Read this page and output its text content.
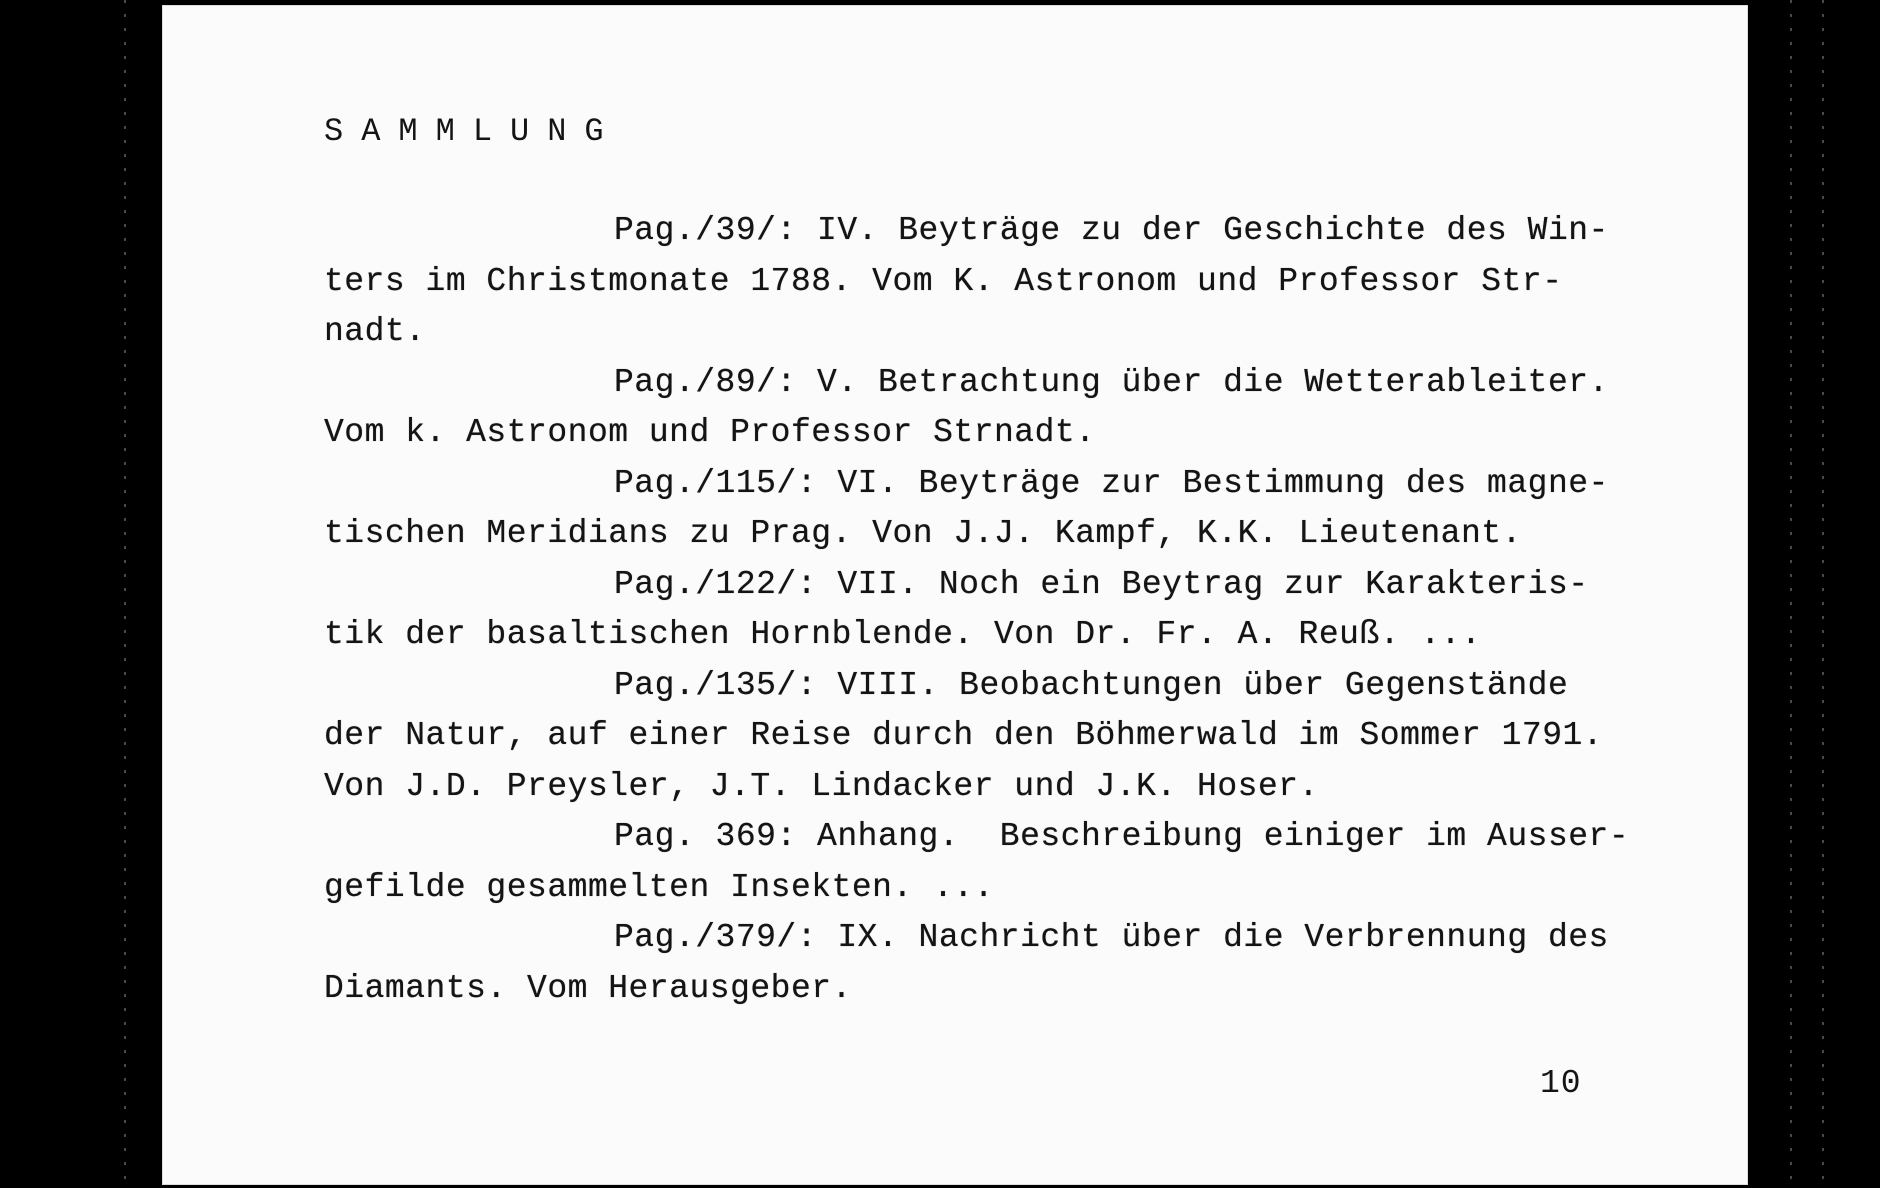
SAMMLUNG
Pag./39/: IV. Beyträge zu der Geschichte des Win-
ters im Christmonate 1788. Vom K. Astronom und Professor Str-
nadt.
Pag./89/: V. Betrachtung über die Wetterableiter.
Vom k. Astronom und Professor Strnadt.
Pag./115/: VI. Beyträge zur Bestimmung des magne-
tischen Meridians zu Prag. Von J.J. Kampf, K.K. Lieutenant.
Pag./122/: VII. Noch ein Beytrag zur Karakteris-
tik der basaltischen Hornblende. Von Dr. Fr. A. Reuß. ...
Pag./135/: VIII. Beobachtungen über Gegenstände
der Natur, auf einer Reise durch den Böhmerwald im Sommer 1791.
Von J.D. Preysler, J.T. Lindacker und J.K. Hoser.
Pag. 369: Anhang.  Beschreibung einiger im Ausser-
gefilde gesammelten Insekten. ...
Pag./379/: IX. Nachricht über die Verbrennung des
Diamants. Vom Herausgeber.
10
